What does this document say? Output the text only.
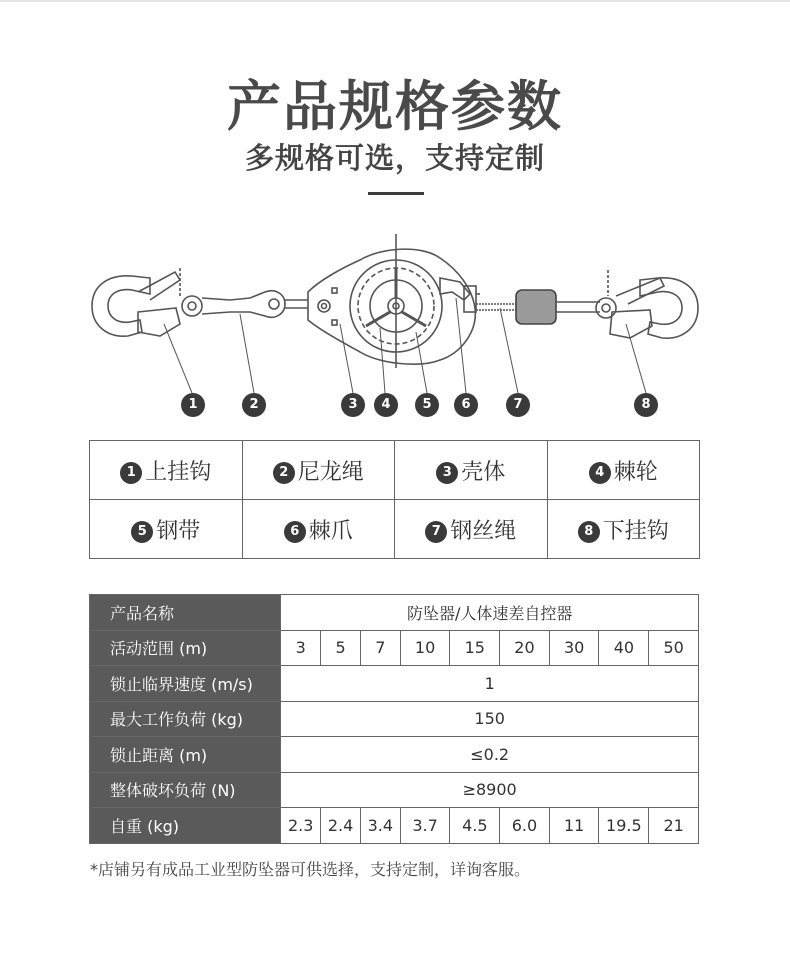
产品规格参数
多规格可选，支持定制
1	2	3	4	5	6	7	8
1 上挂钩	2 尼龙绳	3 壳体	4 棘轮
5 钢带	6 棘爪	7 钢丝绳	8 下挂钩
产品名称	防坠器/人体速差自控器								
活动范围 (m)	3	5	7	10	15	20	30	40	50
锁止临界速度 (m/s)	1								
最大工作负荷 (kg)	150								
锁止距离 (m)	≤0.2								
整体破坏负荷 (N)	≥8900								
自重 (kg)	2.3	2.4	3.4	3.7	4.5	6.0	11	19.5	21
*店铺另有成品工业型防坠器可供选择，支持定制，详询客服。
